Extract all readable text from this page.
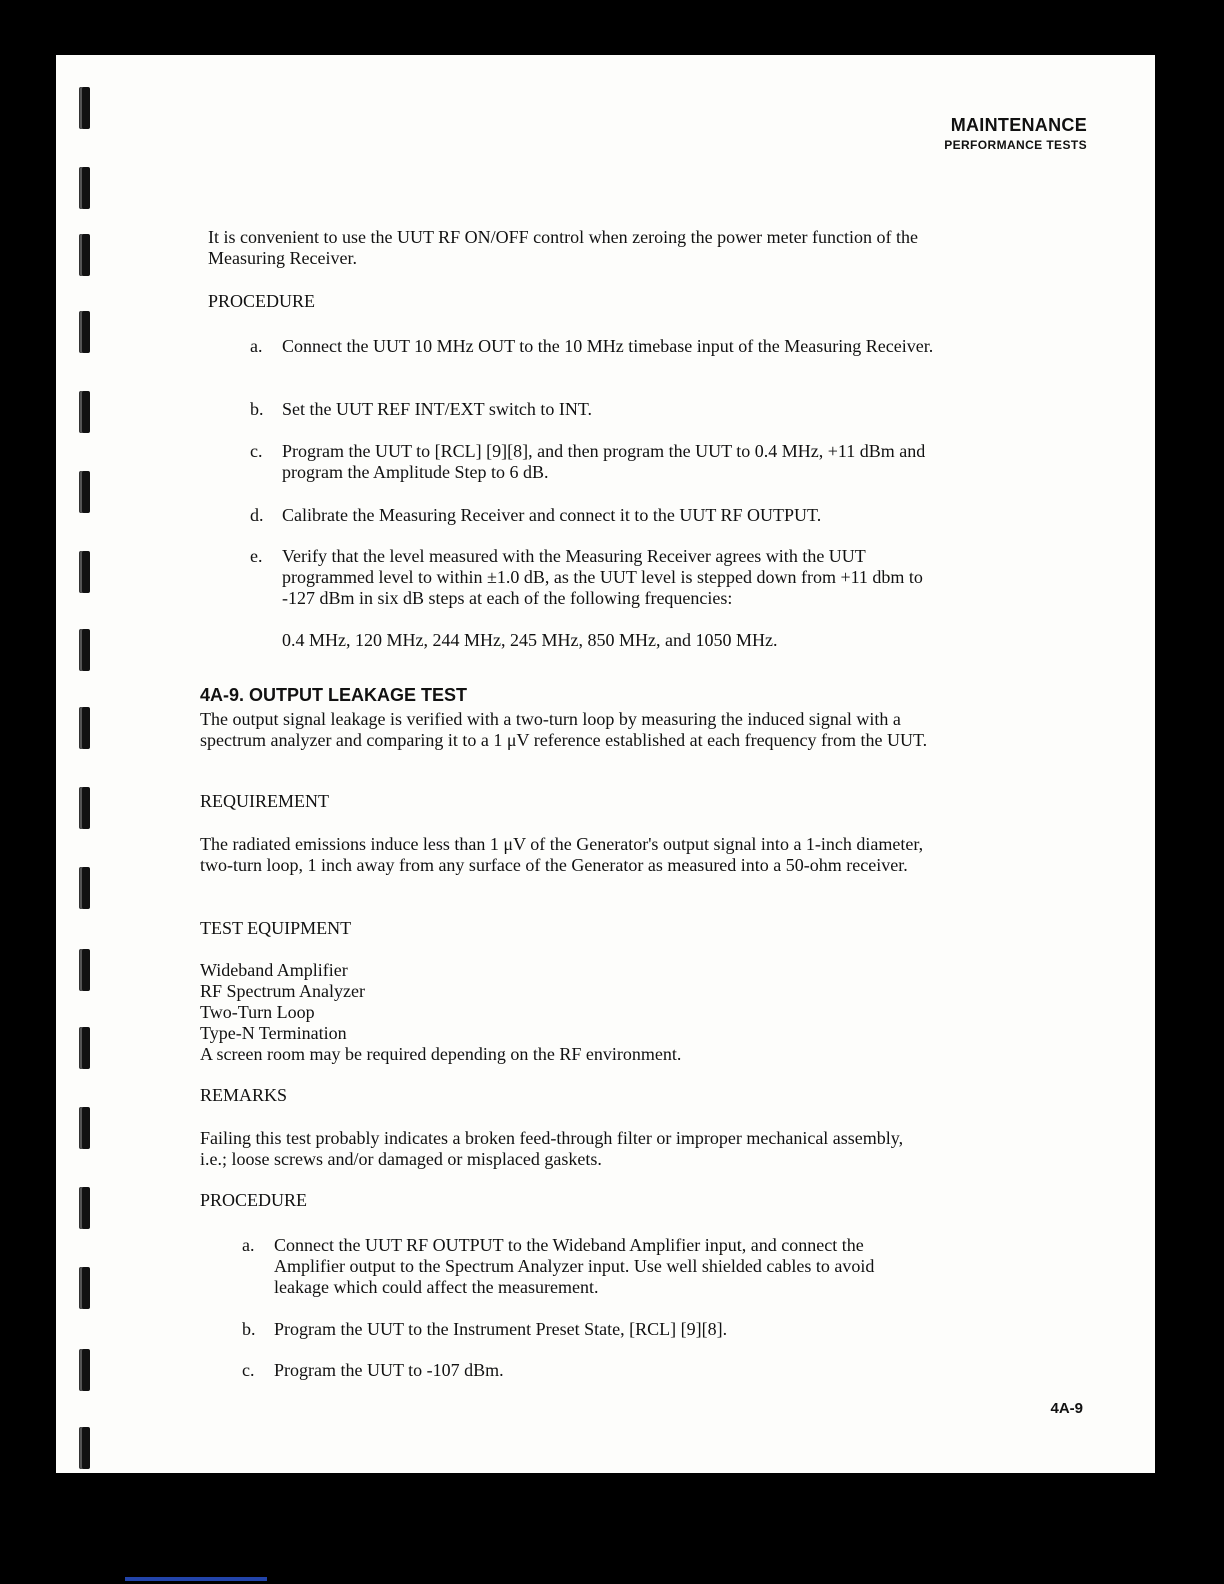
MAINTENANCE
PERFORMANCE TESTS

It is convenient to use the UUT RF ON/OFF control when zeroing the power meter function of the Measuring Receiver.

PROCEDURE

a.	Connect the UUT 10 MHz OUT to the 10 MHz timebase input of the Measuring Receiver.
b.	Set the UUT REF INT/EXT switch to INT.
c.	Program the UUT to [RCL] [9][8], and then program the UUT to 0.4 MHz, +11 dBm and program the Amplitude Step to 6 dB.
d.	Calibrate the Measuring Receiver and connect it to the UUT RF OUTPUT.
e.	Verify that the level measured with the Measuring Receiver agrees with the UUT programmed level to within ±1.0 dB, as the UUT level is stepped down from +11 dbm to -127 dBm in six dB steps at each of the following frequencies:

0.4 MHz, 120 MHz, 244 MHz, 245 MHz, 850 MHz, and 1050 MHz.

4A-9. OUTPUT LEAKAGE TEST

The output signal leakage is verified with a two-turn loop by measuring the induced signal with a spectrum analyzer and comparing it to a 1 μV reference established at each frequency from the UUT.

REQUIREMENT

The radiated emissions induce less than 1 μV of the Generator's output signal into a 1-inch diameter, two-turn loop, 1 inch away from any surface of the Generator as measured into a 50-ohm receiver.

TEST EQUIPMENT

Wideband Amplifier
RF Spectrum Analyzer
Two-Turn Loop
Type-N Termination
A screen room may be required depending on the RF environment.

REMARKS

Failing this test probably indicates a broken feed-through filter or improper mechanical assembly, i.e.; loose screws and/or damaged or misplaced gaskets.

PROCEDURE

a.	Connect the UUT RF OUTPUT to the Wideband Amplifier input, and connect the Amplifier output to the Spectrum Analyzer input. Use well shielded cables to avoid leakage which could affect the measurement.
b.	Program the UUT to the Instrument Preset State, [RCL] [9][8].
c.	Program the UUT to -107 dBm.
4A-9
